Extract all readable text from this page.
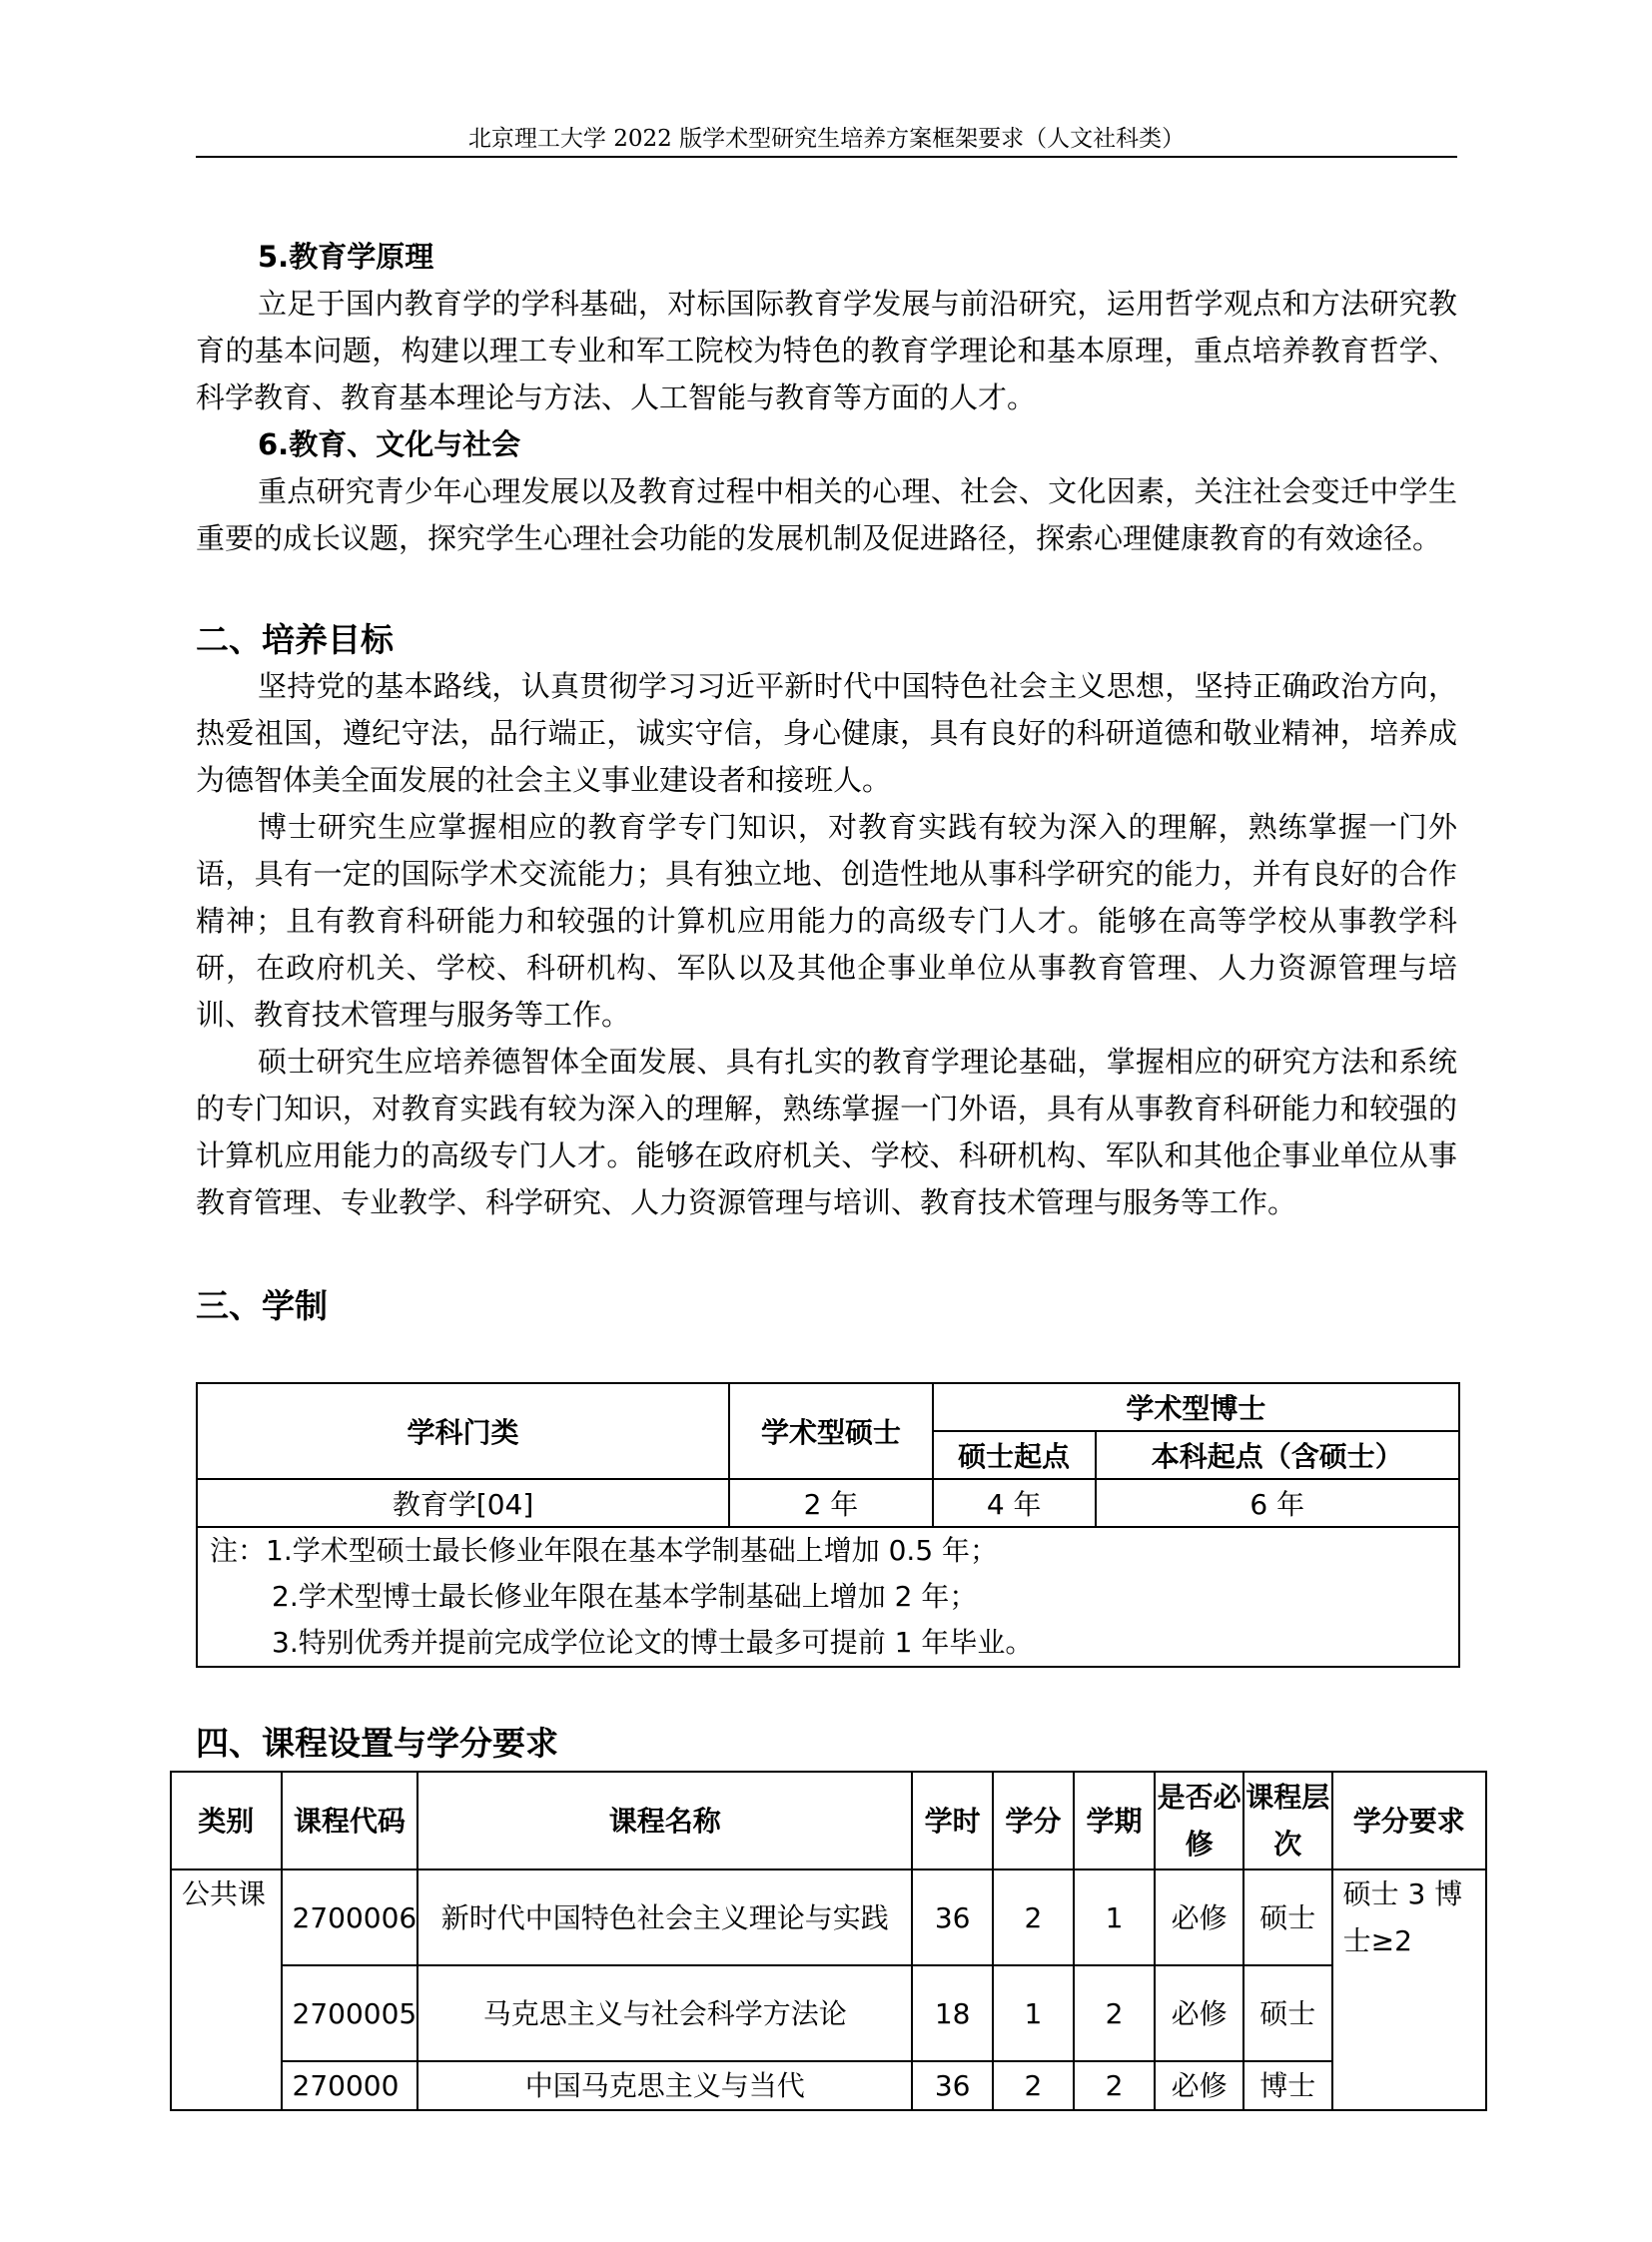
北京理工大学 2022 版学术型研究生培养方案框架要求（人文社科类）
5.教育学原理
立足于国内教育学的学科基础，对标国际教育学发展与前沿研究，运用哲学观点和方法研究教育的基本问题，构建以理工专业和军工院校为特色的教育学理论和基本原理，重点培养教育哲学、科学教育、教育基本理论与方法、人工智能与教育等方面的人才。
6.教育、文化与社会
重点研究青少年心理发展以及教育过程中相关的心理、社会、文化因素，关注社会变迁中学生重要的成长议题，探究学生心理社会功能的发展机制及促进路径，探索心理健康教育的有效途径。
二、培养目标
坚持党的基本路线，认真贯彻学习习近平新时代中国特色社会主义思想，坚持正确政治方向，热爱祖国，遵纪守法，品行端正，诚实守信，身心健康，具有良好的科研道德和敬业精神，培养成为德智体美全面发展的社会主义事业建设者和接班人。
博士研究生应掌握相应的教育学专门知识，对教育实践有较为深入的理解，熟练掌握一门外语，具有一定的国际学术交流能力；具有独立地、创造性地从事科学研究的能力，并有良好的合作精神；且有教育科研能力和较强的计算机应用能力的高级专门人才。能够在高等学校从事教学科研，在政府机关、学校、科研机构、军队以及其他企事业单位从事教育管理、人力资源管理与培训、教育技术管理与服务等工作。
硕士研究生应培养德智体全面发展、具有扎实的教育学理论基础，掌握相应的研究方法和系统的专门知识，对教育实践有较为深入的理解，熟练掌握一门外语，具有从事教育科研能力和较强的计算机应用能力的高级专门人才。能够在政府机关、学校、科研机构、军队和其他企事业单位从事教育管理、专业教学、科学研究、人力资源管理与培训、教育技术管理与服务等工作。
三、学制
学科门类	学术型硕士	学术型博士	
		硕士起点	本科起点（含硕士）
教育学[04]	2 年	4 年	6 年

注：1.学术型硕士最长修业年限在基本学制基础上增加 0.5 年；
2.学术型博士最长修业年限在基本学制基础上增加 2 年；
3.特别优秀并提前完成学位论文的博士最多可提前 1 年毕业。			
四、课程设置与学分要求
类别	课程代码	课程名称	学时	学分	学期	是否必修	课程层次	学分要求
公共课	2700006	新时代中国特色社会主义理论与实践	36	2	1	必修	硕士	硕士 3 博士≥2
	2700005	马克思主义与社会科学方法论	18	1	2	必修	硕士	
	270000	中国马克思主义与当代	36	2	2	必修	博士	
